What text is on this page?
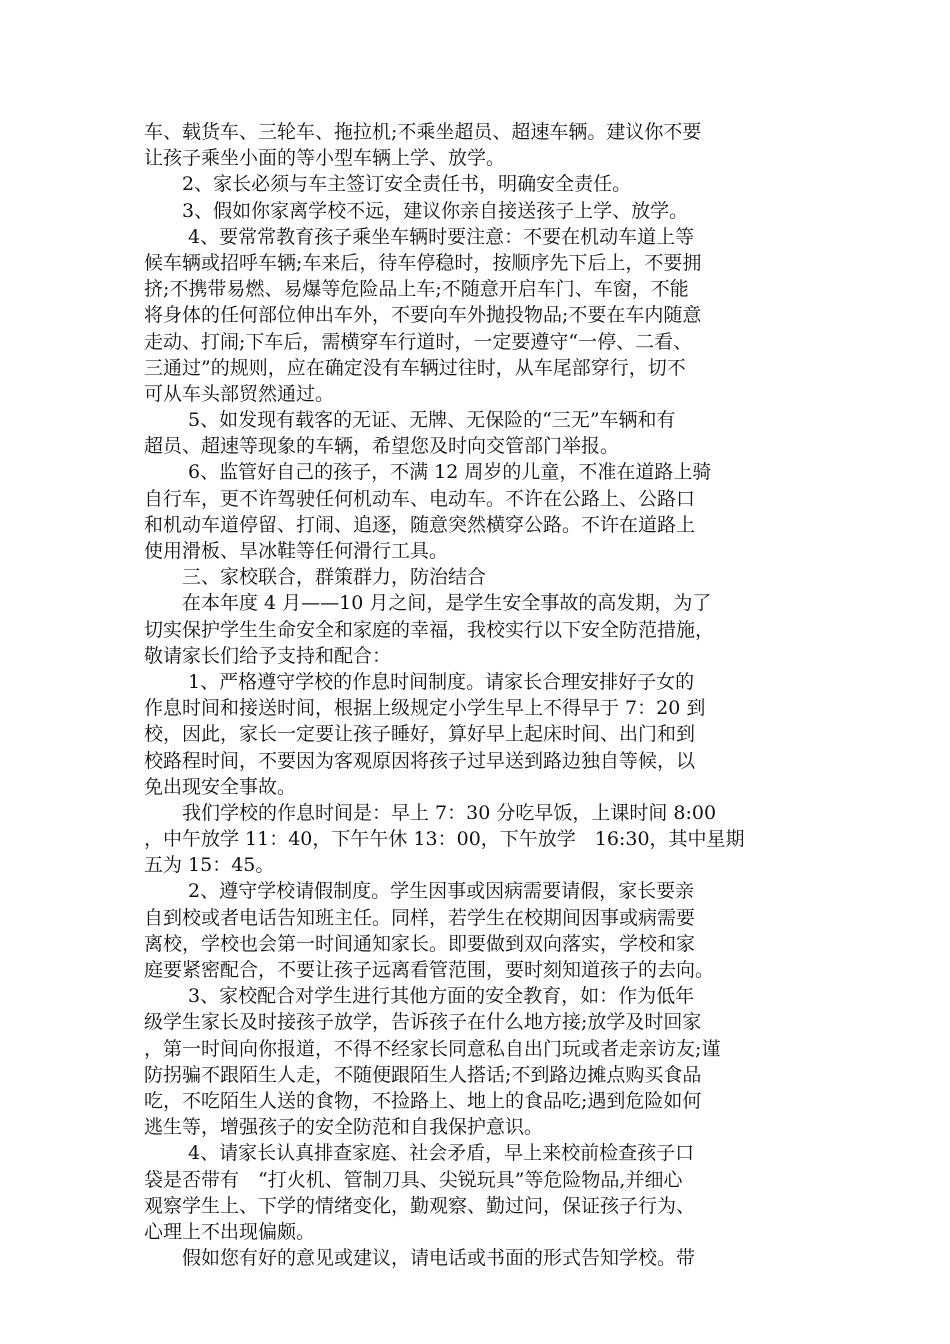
车、载货车、三轮车、拖拉机;不乘坐超员、超速车辆。建议你不要
让孩子乘坐小面的等小型车辆上学、放学。
　　2、家长必须与车主签订安全责任书，明确安全责任。
　　3、假如你家离学校不远，建议你亲自接送孩子上学、放学。
　　 4、要常常教育孩子乘坐车辆时要注意：不要在机动车道上等
候车辆或招呼车辆;车来后，待车停稳时，按顺序先下后上，不要拥
挤;不携带易燃、易爆等危险品上车;不随意开启车门、车窗，不能
将身体的任何部位伸出车外，不要向车外抛投物品;不要在车内随意
走动、打闹;下车后，需横穿车行道时，一定要遵守“一停、二看、
三通过”的规则，应在确定没有车辆过往时，从车尾部穿行，切不
可从车头部贸然通过。
　　 5、如发现有载客的无证、无牌、无保险的“三无”车辆和有
超员、超速等现象的车辆，希望您及时向交管部门举报。
　　 6、监管好自己的孩子，不满 12 周岁的儿童，不准在道路上骑
自行车，更不许驾驶任何机动车、电动车。不许在公路上、公路口
和机动车道停留、打闹、追逐，随意突然横穿公路。不许在道路上
使用滑板、旱冰鞋等任何滑行工具。
　　三、家校联合，群策群力，防治结合
　　在本年度 4 月——10 月之间，是学生安全事故的高发期，为了
切实保护学生生命安全和家庭的幸福，我校实行以下安全防范措施，
敬请家长们给予支持和配合：
　　 1、严格遵守学校的作息时间制度。请家长合理安排好子女的
作息时间和接送时间，根据上级规定小学生早上不得早于 7：20 到
校，因此，家长一定要让孩子睡好，算好早上起床时间、出门和到
校路程时间，不要因为客观原因将孩子过早送到路边独自等候，以
免出现安全事故。
　　我们学校的作息时间是：早上 7：30 分吃早饭，上课时间 8:00
，中午放学 11：40，下午午休 13：00，下午放学　16:30，其中星期
五为 15：45。
　　 2、遵守学校请假制度。学生因事或因病需要请假，家长要亲
自到校或者电话告知班主任。同样，若学生在校期间因事或病需要
离校，学校也会第一时间通知家长。即要做到双向落实，学校和家
庭要紧密配合，不要让孩子远离看管范围，要时刻知道孩子的去向。
　　 3、家校配合对学生进行其他方面的安全教育，如：作为低年
级学生家长及时接孩子放学，告诉孩子在什么地方接;放学及时回家
，第一时间向你报道，不得不经家长同意私自出门玩或者走亲访友;谨
防拐骗不跟陌生人走，不随便跟陌生人搭话;不到路边摊点购买食品
吃，不吃陌生人送的食物，不捡路上、地上的食品吃;遇到危险如何
逃生等，增强孩子的安全防范和自我保护意识。
　　 4、请家长认真排查家庭、社会矛盾，早上来校前检查孩子口
袋是否带有　“打火机、管制刀具、尖锐玩具”等危险物品,并细心
观察学生上、下学的情绪变化，勤观察、勤过问，保证孩子行为、
心理上不出现偏颇。
　　假如您有好的意见或建议，请电话或书面的形式告知学校。带
